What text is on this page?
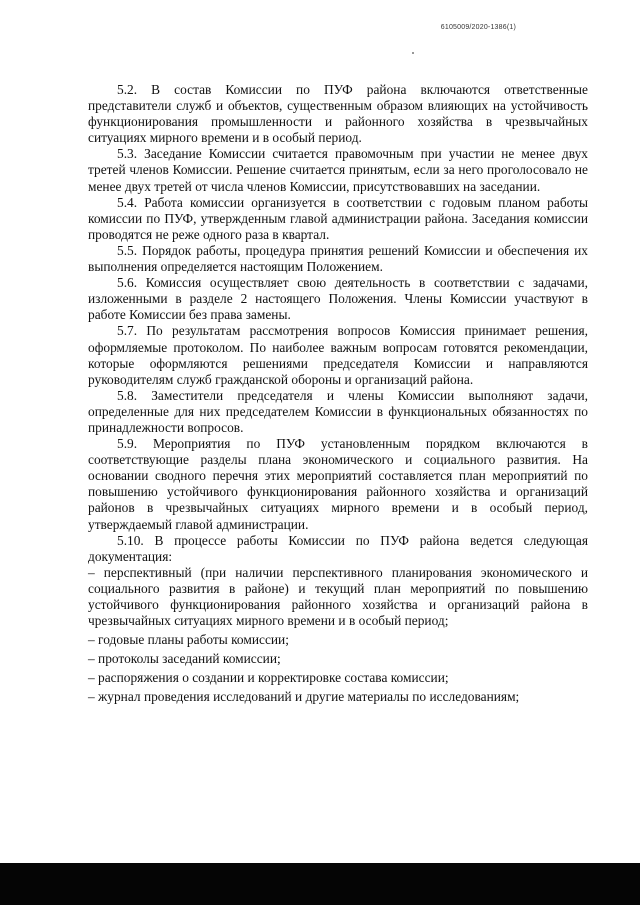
6105009/2020-1386(1)

5.2. В состав Комиссии по ПУФ района включаются ответственные представители служб и объектов, существенным образом влияющих на устойчивость функционирования промышленности и районного хозяйства в чрезвычайных ситуациях мирного времени и в особый период.

5.3. Заседание Комиссии считается правомочным при участии не менее двух третей членов Комиссии. Решение считается принятым, если за него проголосовало не менее двух третей от числа членов Комиссии, присутствовавших на заседании.

5.4. Работа комиссии организуется в соответствии с годовым планом работы комиссии по ПУФ, утвержденным главой администрации района. Заседания комиссии проводятся не реже одного раза в квартал.

5.5. Порядок работы, процедура принятия решений Комиссии и обеспечения их выполнения определяется настоящим Положением.

5.6. Комиссия осуществляет свою деятельность в соответствии с задачами, изложенными в разделе 2 настоящего Положения. Члены Комиссии участвуют в работе Комиссии без права замены.

5.7. По результатам рассмотрения вопросов Комиссия принимает решения, оформляемые протоколом. По наиболее важным вопросам готовятся рекомендации, которые оформляются решениями председателя Комиссии и направляются руководителям служб гражданской обороны и организаций района.

5.8. Заместители председателя и члены Комиссии выполняют задачи, определенные для них председателем Комиссии в функциональных обязанностях по принадлежности вопросов.

5.9. Мероприятия по ПУФ установленным порядком включаются в соответствующие разделы плана экономического и социального развития. На основании сводного перечня этих мероприятий составляется план мероприятий по повышению устойчивого функционирования районного хозяйства и организаций районов в чрезвычайных ситуациях мирного времени и в особый период, утверждаемый главой администрации.

5.10. В процессе работы Комиссии по ПУФ района ведется следующая документация:

– перспективный (при наличии перспективного планирования экономического и социального развития в районе) и текущий план мероприятий по повышению устойчивого функционирования районного хозяйства и организаций района в чрезвычайных ситуациях мирного времени и в особый период;
– годовые планы работы комиссии;
– протоколы заседаний комиссии;
– распоряжения о создании и корректировке состава комиссии;
– журнал проведения исследований и другие материалы по исследованиям;
